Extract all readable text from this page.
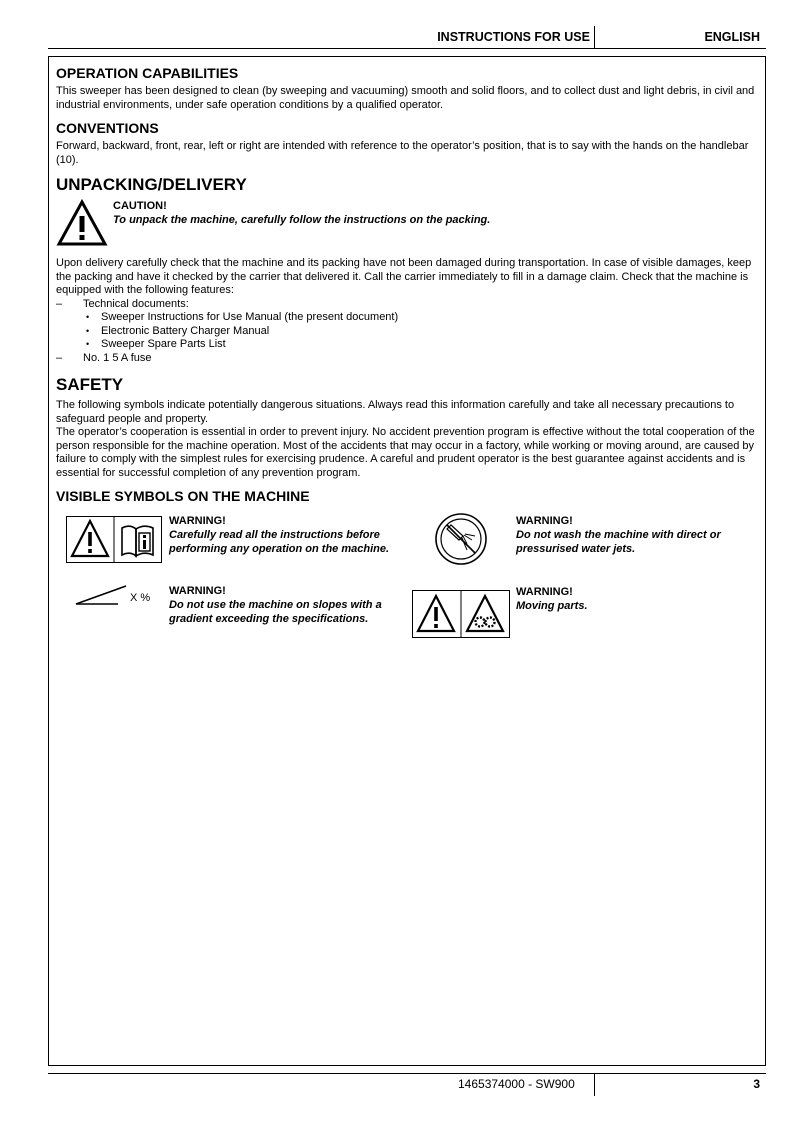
INSTRUCTIONS FOR USE	ENGLISH
OPERATION CAPABILITIES

This sweeper has been designed to clean (by sweeping and vacuuming) smooth and solid floors, and to collect dust and light debris, in civil and industrial environments, under safe operation conditions by a qualified operator.

CONVENTIONS

Forward, backward, front, rear, left or right are intended with reference to the operator’s position, that is to say with the hands on the handlebar (10).

UNPACKING/DELIVERY
CAUTION!
To unpack the machine, carefully follow the instructions on the packing.

Upon delivery carefully check that the machine and its packing have not been damaged during transportation. In case of visible damages, keep the packing and have it checked by the carrier that delivered it. Call the carrier immediately to fill in a damage claim. Check that the machine is equipped with the following features:

– Technical documents:
• Sweeper Instructions for Use Manual (the present document)
• Electronic Battery Charger Manual
• Sweeper Spare Parts List
– No. 1 5 A fuse
SAFETY

The following symbols indicate potentially dangerous situations. Always read this information carefully and take all necessary precautions to safeguard people and property.

The operator’s cooperation is essential in order to prevent injury. No accident prevention program is effective without the total cooperation of the person responsible for the machine operation. Most of the accidents that may occur in a factory, while working or moving around, are caused by failure to comply with the simplest rules for exercising prudence. A careful and prudent operator is the best guarantee against accidents and is essential for successful completion of any prevention program.

VISIBLE SYMBOLS ON THE MACHINE
WARNING!
Carefully read all the instructions before performing any operation on the machine.
WARNING!
Do not wash the machine with direct or pressurised water jets.
X %
WARNING!
Do not use the machine on slopes with a gradient exceeding the specifications.
WARNING!
Moving parts.
1465374000 - SW900	3
